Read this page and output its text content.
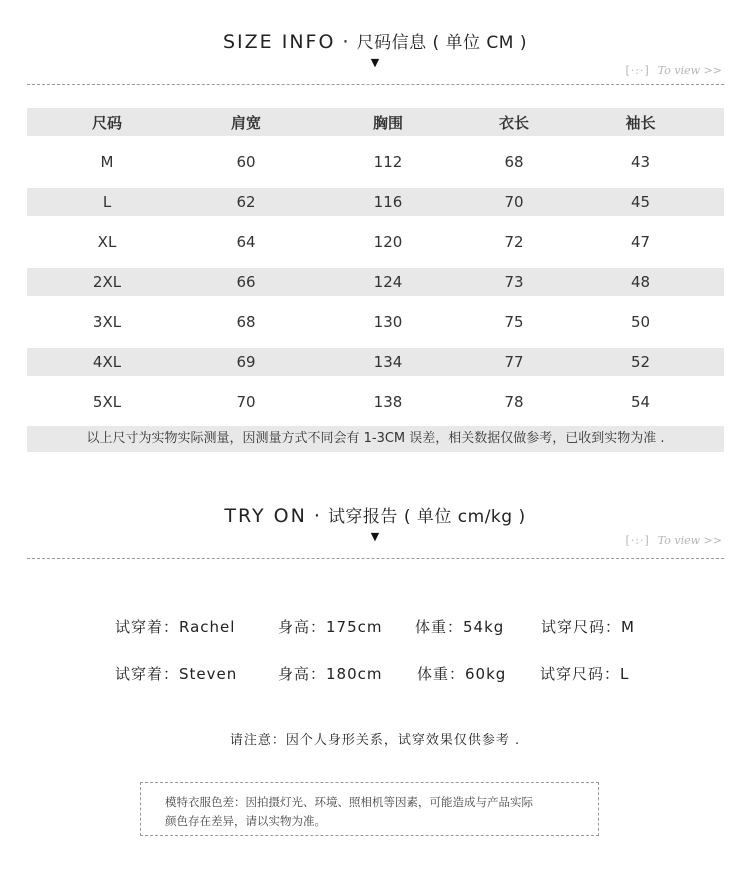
SIZE INFO · 尺码信息 ( 单位 CM )
▼
[·:·] To view >>
尺码	肩宽	胸围	衣长	袖长
M	60	112	68	43
L	62	116	70	45
XL	64	120	72	47
2XL	66	124	73	48
3XL	68	130	75	50
4XL	69	134	77	52
5XL	70	138	78	54
以上尺寸为实物实际测量，因测量方式不同会有 1-3CM 误差，相关数据仅做参考，已收到实物为准 .
TRY ON · 试穿报告 ( 单位 cm/kg )
▼	[·:·] To view >>
试穿着：Rachel	身高：175cm 体重：54kg 试穿尺码：M
试穿着：Steven	身高：180cm 体重：60kg 试穿尺码：L
请注意：因个人身形关系，试穿效果仅供参考 .
模特衣服色差：因拍摄灯光、环境、照相机等因素，可能造成与产品实际
颜色存在差异，请以实物为准。
